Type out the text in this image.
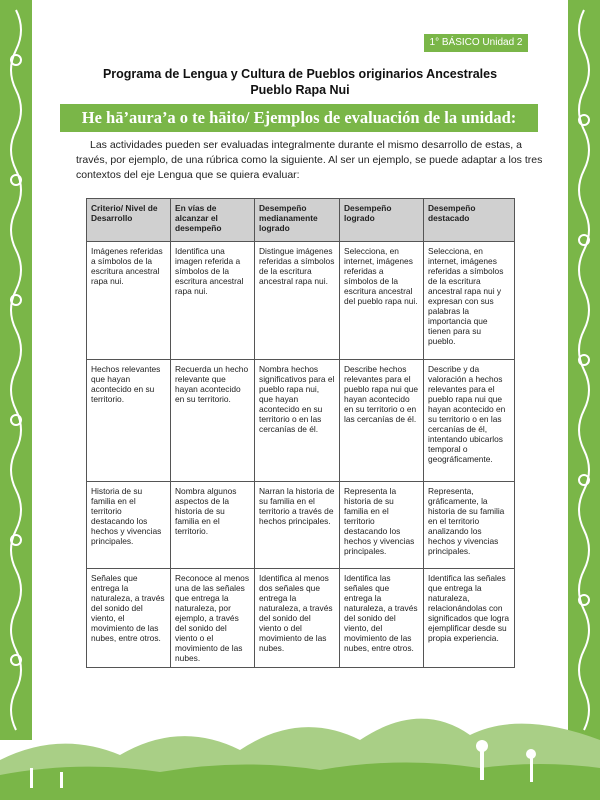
1° BÁSICO Unidad 2
Programa de Lengua y Cultura de Pueblos originarios Ancestrales
Pueblo Rapa Nui
He hā’aura’a o te hāito/ Ejemplos de evaluación de la unidad:

Las actividades pueden ser evaluadas integralmente durante el mismo desarrollo de estas, a través, por ejemplo, de una rúbrica como la siguiente. Al ser un ejemplo, se puede adaptar a los tres contextos del eje Lengua que se quiera evaluar:

Criterio/ Nivel de Desarrollo	En vías de alcanzar el desempeño	Desempeño medianamente logrado	Desempeño logrado	Desempeño destacado
Imágenes referidas a símbolos de la escritura ancestral rapa nui.	Identifica una imagen referida a símbolos de la escritura ancestral rapa nui.	Distingue imágenes referidas a símbolos de la escritura ancestral rapa nui.	Selecciona, en internet, imágenes referidas a símbolos de la escritura ancestral del pueblo rapa nui.	Selecciona, en internet, imágenes referidas a símbolos de la escritura ancestral rapa nui y expresan con sus palabras la importancia que tienen para su pueblo.
Hechos relevantes que hayan acontecido en su territorio.	Recuerda un hecho relevante que hayan acontecido en su territorio.	Nombra hechos significativos para el pueblo rapa nui, que hayan acontecido en su territorio o en las cercanías de él.	Describe hechos relevantes para el pueblo rapa nui que hayan acontecido en su territorio o en las cercanías de él.	Describe y da valoración a hechos relevantes para el pueblo rapa nui que hayan acontecido en su territorio o en las cercanías de él, intentando ubicarlos temporal o geográficamente.
Historia de su familia en el territorio destacando los hechos y vivencias principales.	Nombra algunos aspectos de la historia de su familia en el territorio.	Narran la historia de su familia en el territorio a través de hechos principales.	Representa la historia de su familia en el territorio destacando los hechos y vivencias principales.	Representa, gráficamente, la historia de su familia en el territorio analizando los hechos y vivencias principales.
Señales que entrega la naturaleza, a través del sonido del viento, el movimiento de las nubes, entre otros.	Reconoce al menos una de las señales que entrega la naturaleza, por ejemplo, a través del sonido del viento o el movimiento de las nubes.	Identifica al menos dos señales que entrega la naturaleza, a través del sonido del viento o del movimiento de las nubes.	Identifica las señales que entrega la naturaleza, a través del sonido del viento, del movimiento de las nubes, entre otros.	Identifica las señales que entrega la naturaleza, relacionándolas con significados que logra ejemplificar desde su propia experiencia.
